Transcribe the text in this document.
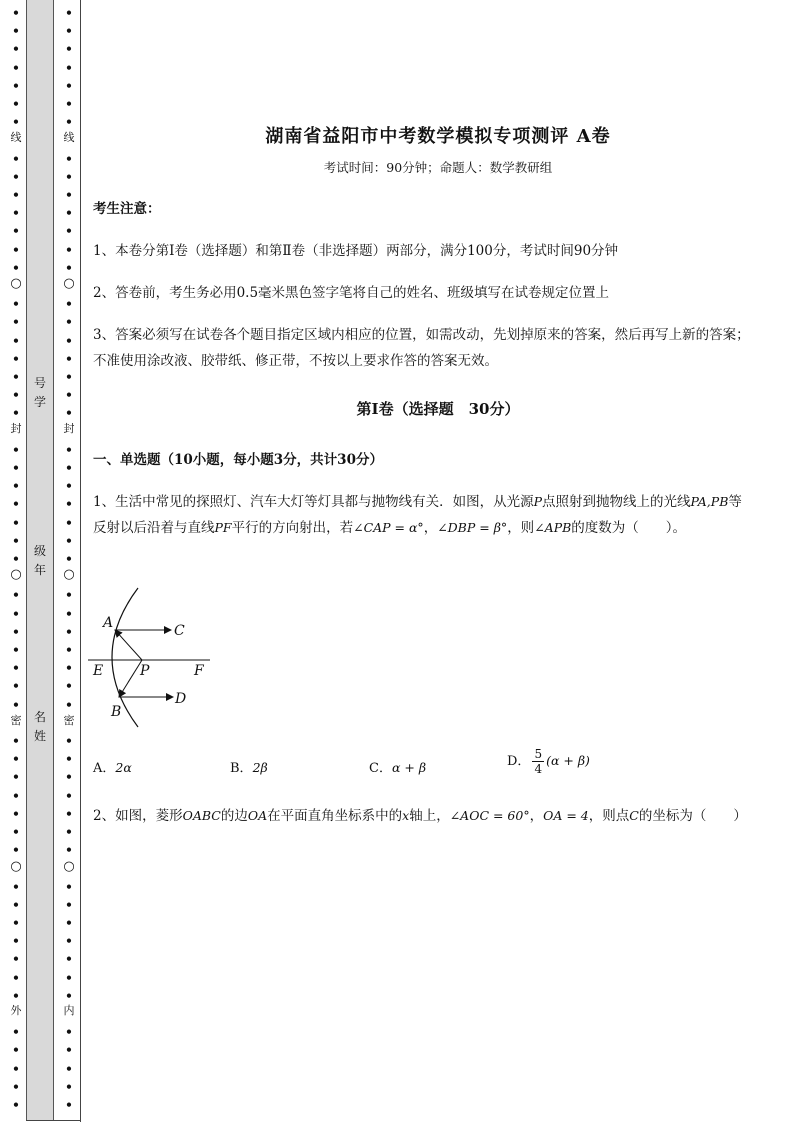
线
封
密
外
○
○
○
•
•
•
•
•
•
•
•
•
•
•
•
•
•
•
•
•
•
•
•
•
•
•
•
•
•
•
•
•
•
•
•
•
•
•
•
•
•
•
•
•
•
•
•
•
•
•
•
•
•
•
•
•
•
线
封
密
内
○
○
○
•
•
•
•
•
•
•
•
•
•
•
•
•
•
•
•
•
•
•
•
•
•
•
•
•
•
•
•
•
•
•
•
•
•
•
•
•
•
•
•
•
•
•
•
•
•
•
•
•
•
•
•
•
•
号
学
级
年
名
姓
湖南省益阳市中考数学模拟专项测评 A卷
考试时间：90分钟；命题人：数学教研组
考生注意：
1、本卷分第I卷（选择题）和第Ⅱ卷（非选择题）两部分，满分100分，考试时间90分钟
2、答卷前，考生务必用0.5毫米黑色签字笔将自己的姓名、班级填写在试卷规定位置上
3、答案必须写在试卷各个题目指定区域内相应的位置，如需改动，先划掉原来的答案，然后再写上新的答案；不准使用涂改液、胶带纸、修正带，不按以上要求作答的答案无效。
第I卷（选择题　30分）
一、单选题（10小题，每小题3分，共计30分）
1、生活中常见的探照灯、汽车大灯等灯具都与抛物线有关．如图，从光源P点照射到抛物线上的光线PA,PB等反射以后沿着与直线PF平行的方向射出，若∠CAP = α°，∠DBP = β°，则∠APB的度数为（　　）。
A	C
E	P	F
D
B
A．2α	B．2β	C．α + β	D． $\frac{5}{4} (\alpha + \beta)$
2、如图，菱形OABC的边OA在平面直角坐标系中的x轴上，∠AOC = 60°，OA = 4，则点C的坐标为（　　）
